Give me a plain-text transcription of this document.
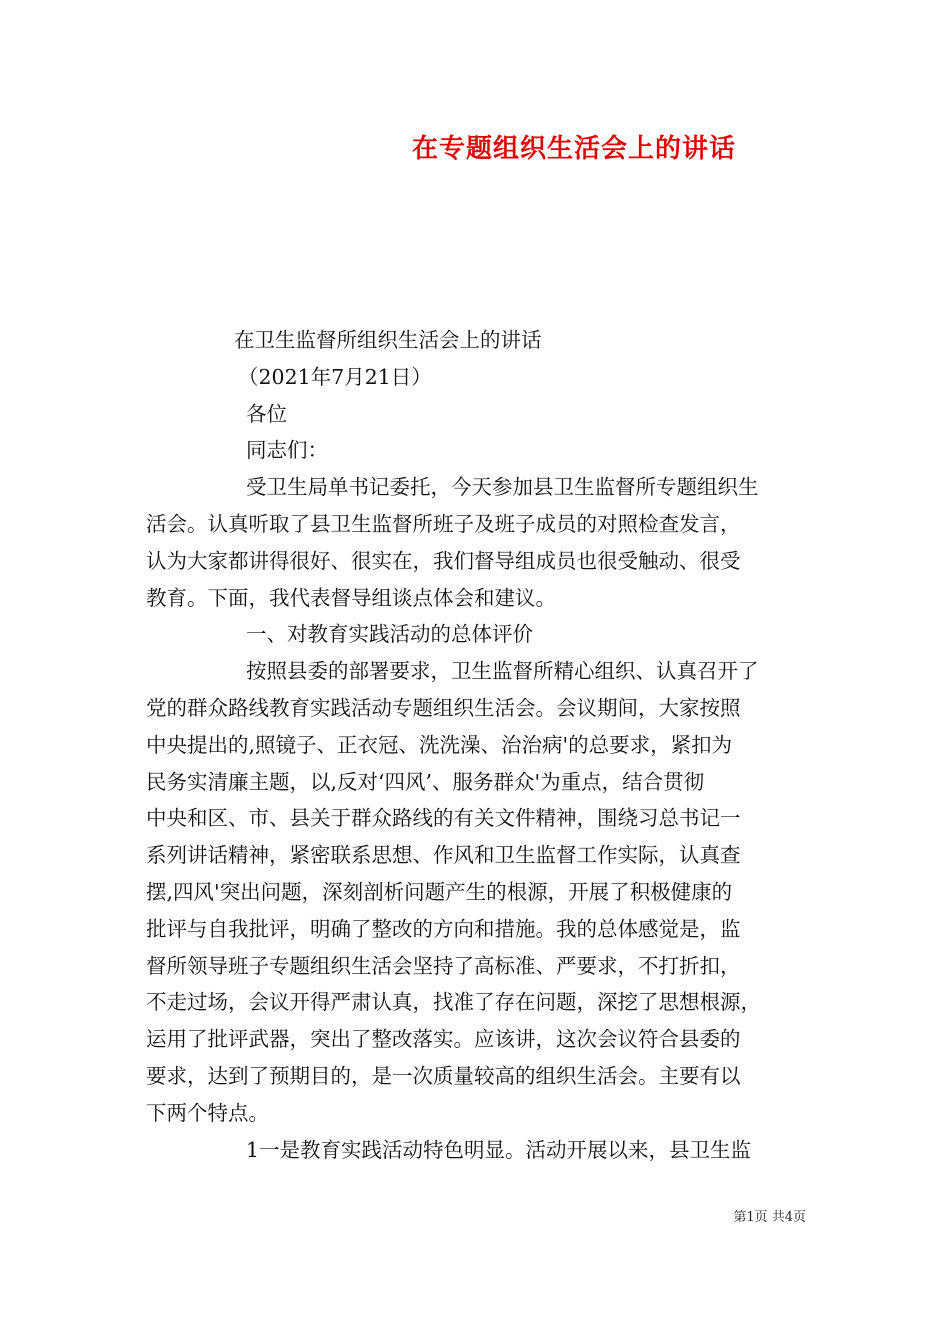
在专题组织生活会上的讲话
在卫生监督所组织生活会上的讲话
（2021年7月21日）
各位
同志们：
受卫生局单书记委托，今天参加县卫生监督所专题组织生
活会。认真听取了县卫生监督所班子及班子成员的对照检查发言，
认为大家都讲得很好、很实在，我们督导组成员也很受触动、很受
教育。下面，我代表督导组谈点体会和建议。
一、对教育实践活动的总体评价
按照县委的部署要求，卫生监督所精心组织、认真召开了
党的群众路线教育实践活动专题组织生活会。会议期间，大家按照
中央提出的,照镜子、正衣冠、洗洗澡、治治病'的总要求，紧扣为
民务实清廉主题，以,反对‘四风’、服务群众'为重点，结合贯彻
中央和区、市、县关于群众路线的有关文件精神，围绕习总书记一
系列讲话精神，紧密联系思想、作风和卫生监督工作实际，认真查
摆,四风'突出问题，深刻剖析问题产生的根源，开展了积极健康的
批评与自我批评，明确了整改的方向和措施。我的总体感觉是，监
督所领导班子专题组织生活会坚持了高标准、严要求，不打折扣，
不走过场，会议开得严肃认真，找准了存在问题，深挖了思想根源，
运用了批评武器，突出了整改落实。应该讲，这次会议符合县委的
要求，达到了预期目的，是一次质量较高的组织生活会。主要有以
下两个特点。
1一是教育实践活动特色明显。活动开展以来，县卫生监
第1页 共4页
